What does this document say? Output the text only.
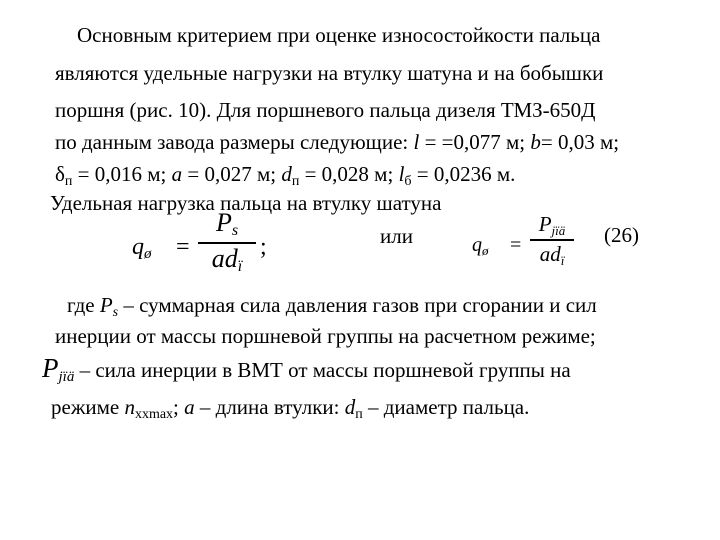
Основным критерием при оценке износостойкости пальца
являются удельные нагрузки на втулку шатуна и на бобышки
поршня (рис. 10). Для поршневого пальца дизеля ТМЗ-650Д
по данным завода размеры следующие: l = =0,077 м; b= 0,03 м;
δп = 0,016 м; a = 0,027 м; dп = 0,028 м; lб = 0,0236 м.
Удельная нагрузка пальца на втулку шатуна
qø =
Ps
adï
;	или	$q_ø$ =
Pjïä
adï
(26)
где Ps – суммарная сила давления газов при сгорании и сил
инерции от массы поршневой группы на расчетном режиме;
Pjïä – сила инерции в ВМТ от массы поршневой группы на
режиме nxxmax; a – длина втулки: dп – диаметр пальца.
